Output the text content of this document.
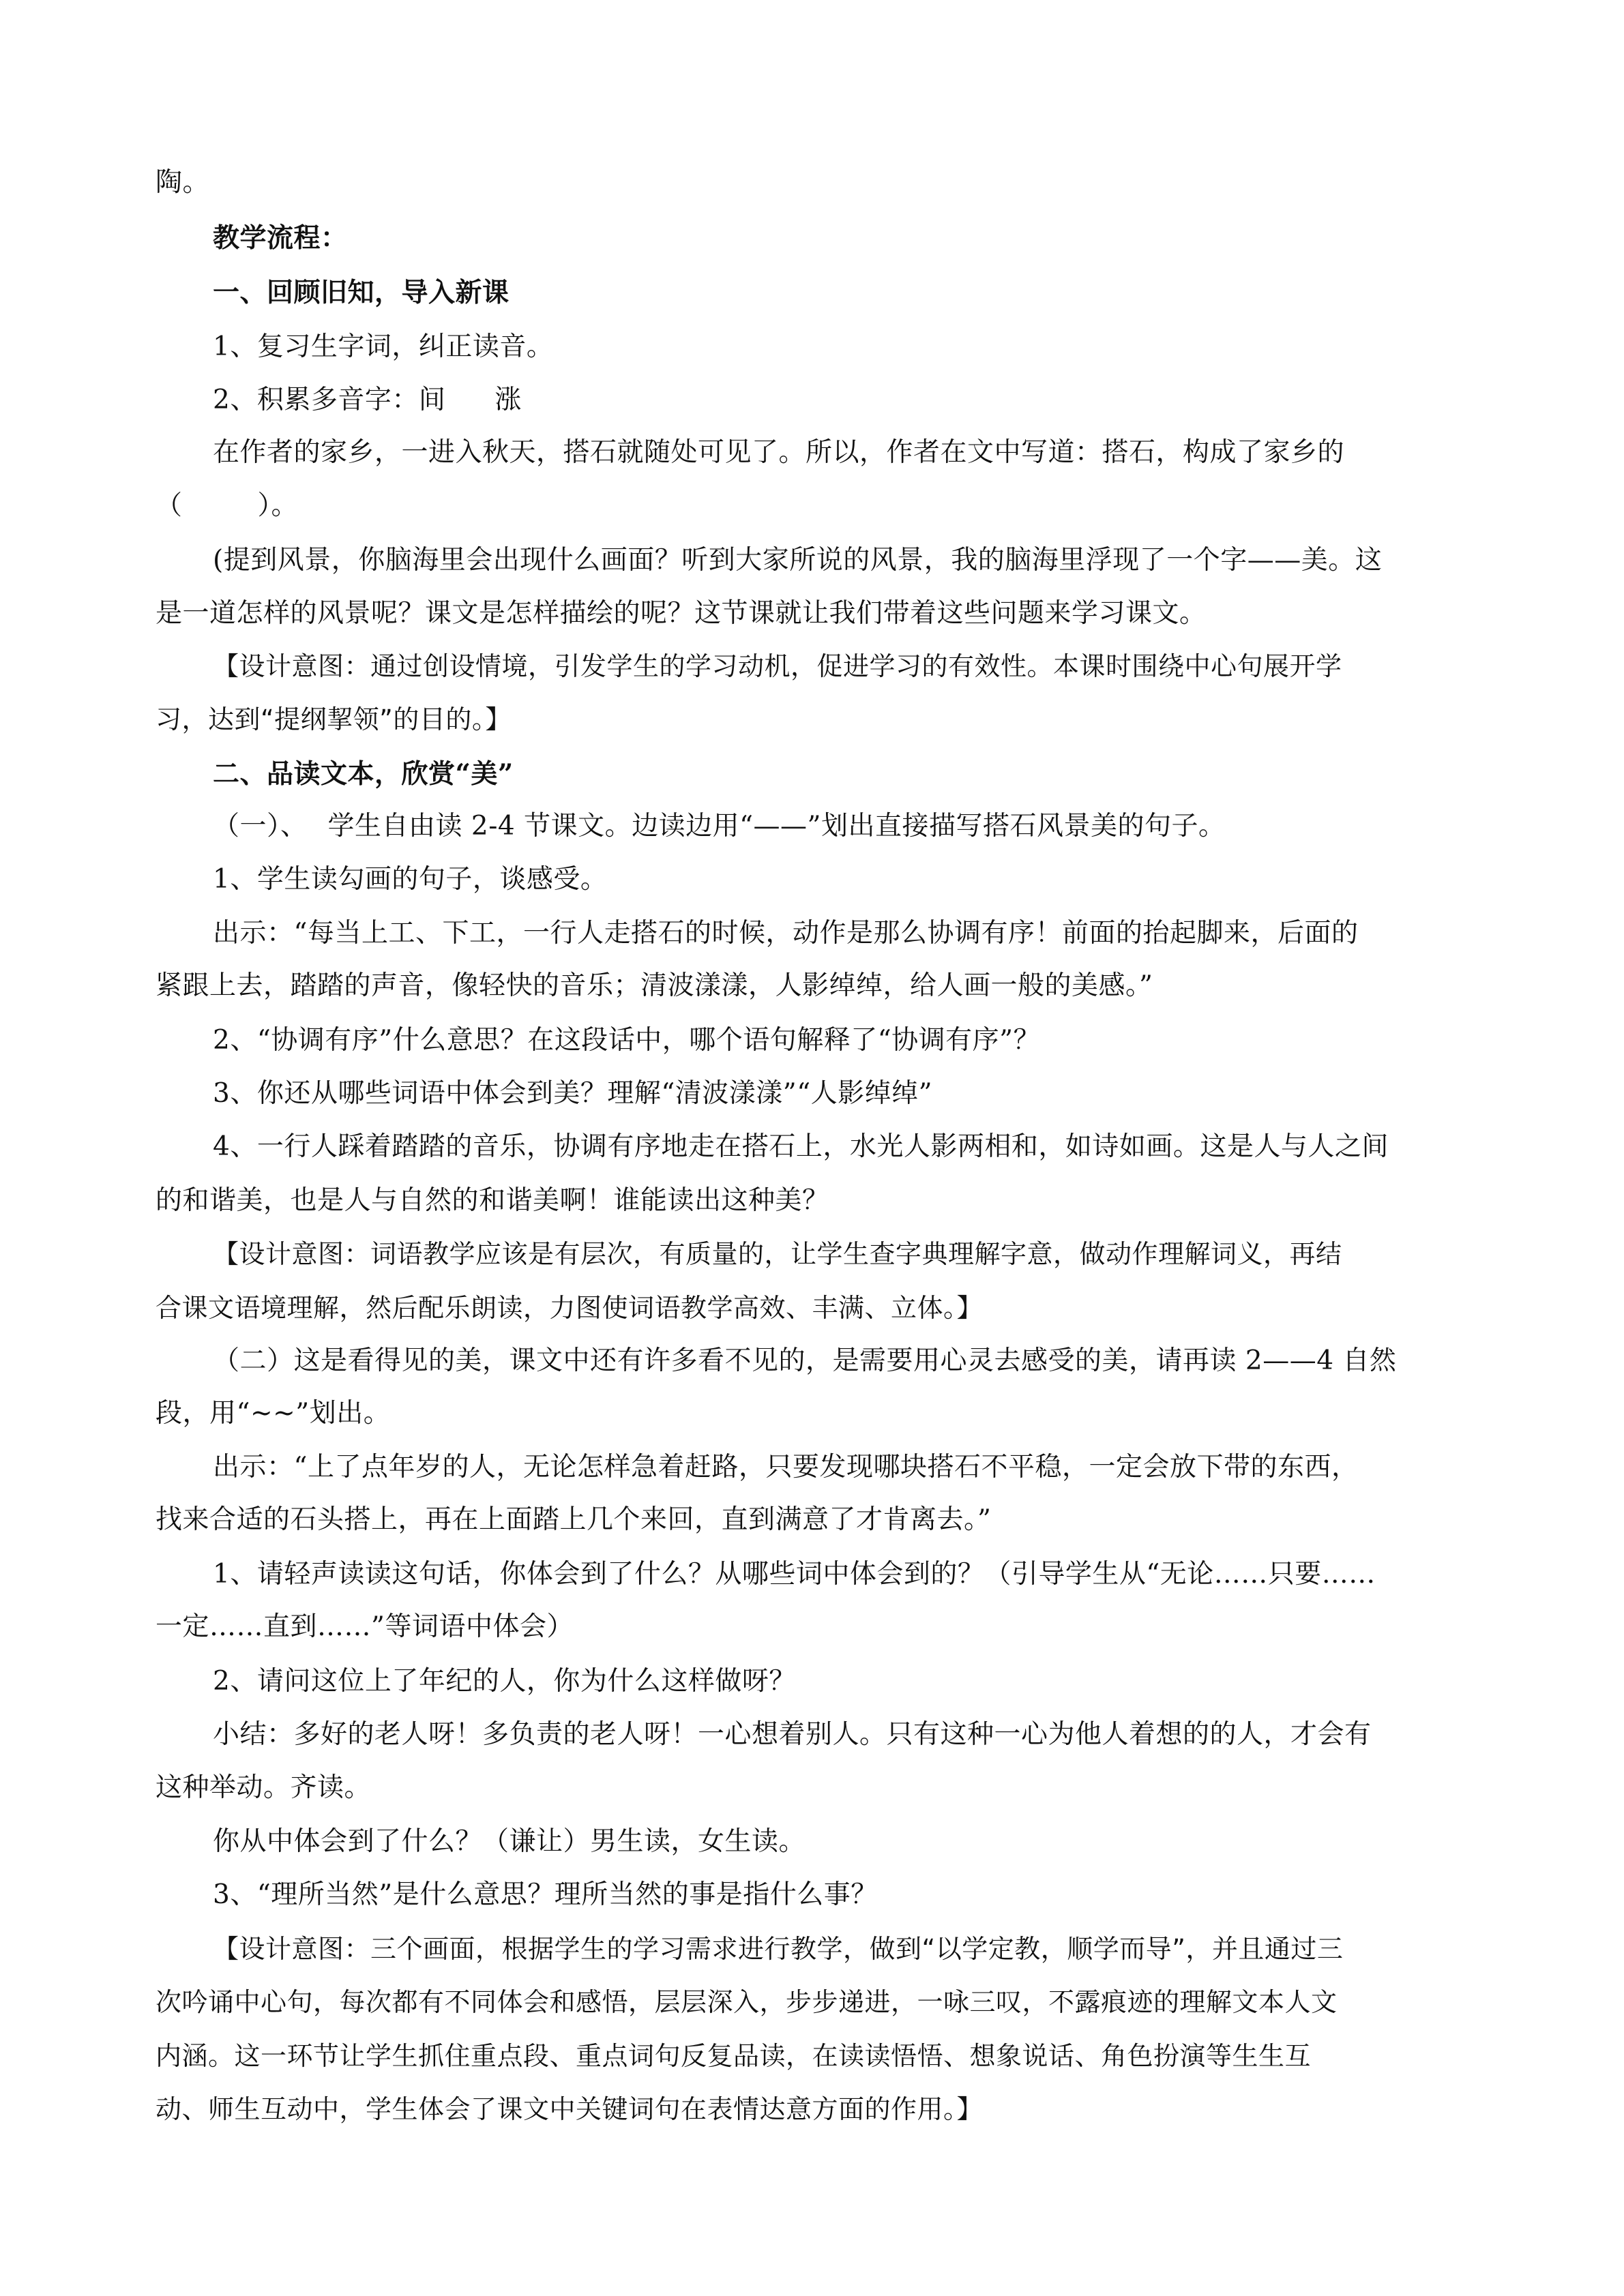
陶。
教学流程：
一、回顾旧知，导入新课
1、复习生字词，纠正读音。
2、积累多音字：间 涨
在作者的家乡，一进入秋天，搭石就随处可见了。所以，作者在文中写道：搭石，构成了家乡的
（	）。
(提到风景，你脑海里会出现什么画面？听到大家所说的风景，我的脑海里浮现了一个字——美。这
是一道怎样的风景呢？课文是怎样描绘的呢？这节课就让我们带着这些问题来学习课文。
【设计意图：通过创设情境，引发学生的学习动机，促进学习的有效性。本课时围绕中心句展开学
习，达到“提纲挈领”的目的。】
二、品读文本，欣赏“美”
（一）、 学生自由读 2-4 节课文。边读边用“——”划出直接描写搭石风景美的句子。
1、学生读勾画的句子，谈感受。
出示：“每当上工、下工，一行人走搭石的时候，动作是那么协调有序！前面的抬起脚来，后面的
紧跟上去，踏踏的声音，像轻快的音乐；清波漾漾，人影绰绰，给人画一般的美感。”
2、“协调有序”什么意思？在这段话中，哪个语句解释了“协调有序”？
3、你还从哪些词语中体会到美？理解“清波漾漾”“人影绰绰”
4、一行人踩着踏踏的音乐，协调有序地走在搭石上，水光人影两相和，如诗如画。这是人与人之间
的和谐美，也是人与自然的和谐美啊！谁能读出这种美？
【设计意图：词语教学应该是有层次，有质量的，让学生查字典理解字意，做动作理解词义，再结
合课文语境理解，然后配乐朗读，力图使词语教学高效、丰满、立体。】
（二）这是看得见的美，课文中还有许多看不见的，是需要用心灵去感受的美，请再读 2——4 自然
段，用“~~”划出。
出示：“上了点年岁的人，无论怎样急着赶路，只要发现哪块搭石不平稳，一定会放下带的东西，
找来合适的石头搭上，再在上面踏上几个来回，直到满意了才肯离去。”
1、请轻声读读这句话，你体会到了什么？从哪些词中体会到的？（引导学生从“无论……只要……
一定……直到……”等词语中体会）
2、请问这位上了年纪的人，你为什么这样做呀？
小结：多好的老人呀！多负责的老人呀！一心想着别人。只有这种一心为他人着想的的人，才会有
这种举动。齐读。
你从中体会到了什么？（谦让）男生读，女生读。
3、“理所当然”是什么意思？理所当然的事是指什么事？
【设计意图：三个画面，根据学生的学习需求进行教学，做到“以学定教，顺学而导”，并且通过三
次吟诵中心句，每次都有不同体会和感悟，层层深入，步步递进，一咏三叹，不露痕迹的理解文本人文
内涵。这一环节让学生抓住重点段、重点词句反复品读，在读读悟悟、想象说话、角色扮演等生生互
动、师生互动中，学生体会了课文中关键词句在表情达意方面的作用。】
